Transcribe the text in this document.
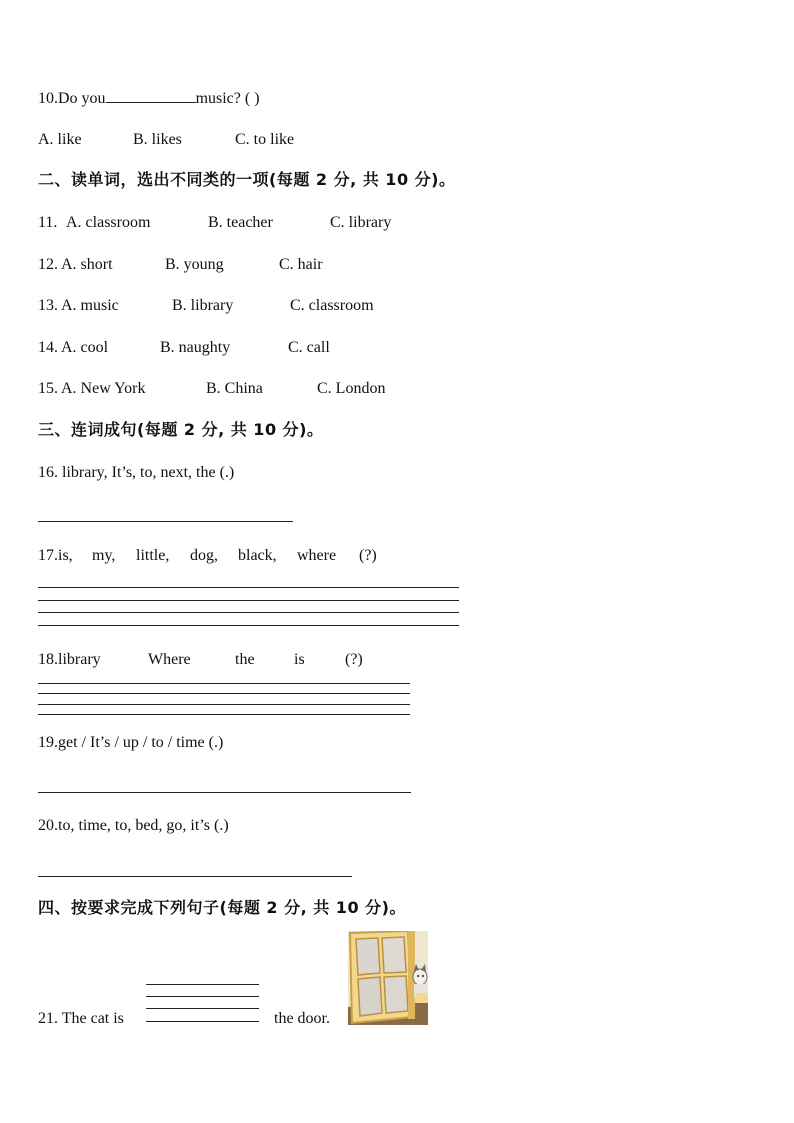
10.Do you	music? ( )
A. like	B. likes	C. to like
二、读单词，选出不同类的一项(每题 2 分, 共 10 分)。
11. A. classroom	B. teacher	C. library
12. A. short	B. young	C. hair
13. A. music	B. library	C. classroom
14. A. cool	B. naughty	C. call
15. A. New York	B. China	C. London
三、连词成句(每题 2 分, 共 10 分)。
16. library, It’s, to, next, the (.)
17.is, my, little, dog, black, where (?)
18.library	Where	the is	(?)
19.get / It’s / up / to / time (.)
20.to, time, to, bed, go, it’s (.)
四、按要求完成下列句子(每题 2 分, 共 10 分)。
21. The cat is	the door.
